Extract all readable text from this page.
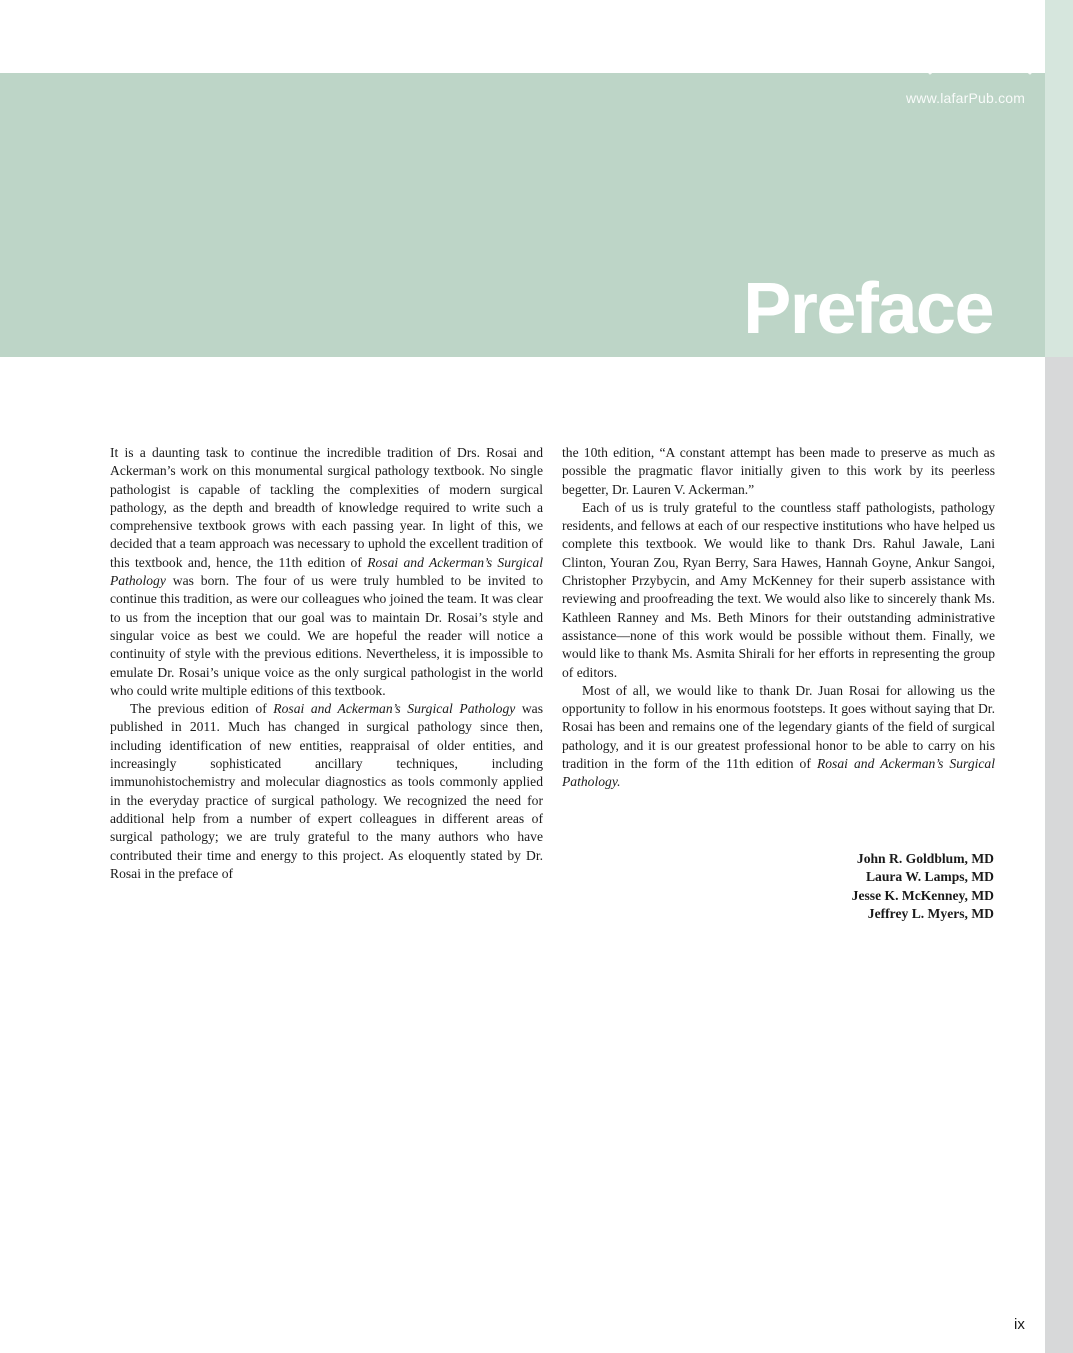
Preface
www.lafarPub.com

It is a daunting task to continue the incredible tradition of Drs. Rosai and Ackerman’s work on this monumental surgical pathology textbook. No single pathologist is capable of tackling the complexities of modern surgical pathology, as the depth and breadth of knowledge required to write such a comprehensive textbook grows with each passing year. In light of this, we decided that a team approach was necessary to uphold the excellent tradition of this textbook and, hence, the 11th edition of Rosai and Ackerman’s Surgical Pathology was born. The four of us were truly humbled to be invited to continue this tradition, as were our colleagues who joined the team. It was clear to us from the inception that our goal was to maintain Dr. Rosai’s style and singular voice as best we could. We are hopeful the reader will notice a continuity of style with the previous editions. Nevertheless, it is impossible to emulate Dr. Rosai’s unique voice as the only surgical pathologist in the world who could write multiple editions of this textbook.

The previous edition of Rosai and Ackerman’s Surgical Pathology was published in 2011. Much has changed in surgical pathology since then, including identification of new entities, reappraisal of older entities, and increasingly sophisticated ancillary techniques, including immunohistochemistry and molecular diagnostics as tools commonly applied in the everyday practice of surgical pathology. We recognized the need for additional help from a number of expert colleagues in different areas of surgical pathology; we are truly grateful to the many authors who have contributed their time and energy to this project. As eloquently stated by Dr. Rosai in the preface of

the 10th edition, “A constant attempt has been made to preserve as much as possible the pragmatic flavor initially given to this work by its peerless begetter, Dr. Lauren V. Ackerman.”

Each of us is truly grateful to the countless staff pathologists, pathology residents, and fellows at each of our respective institutions who have helped us complete this textbook. We would like to thank Drs. Rahul Jawale, Lani Clinton, Youran Zou, Ryan Berry, Sara Hawes, Hannah Goyne, Ankur Sangoi, Christopher Przybycin, and Amy McKenney for their superb assistance with reviewing and proofreading the text. We would also like to sincerely thank Ms. Kathleen Ranney and Ms. Beth Minors for their outstanding administrative assistance—none of this work would be possible without them. Finally, we would like to thank Ms. Asmita Shirali for her efforts in representing the group of editors.

Most of all, we would like to thank Dr. Juan Rosai for allowing us the opportunity to follow in his enormous footsteps. It goes without saying that Dr. Rosai has been and remains one of the legendary giants of the field of surgical pathology, and it is our greatest professional honor to be able to carry on his tradition in the form of the 11th edition of Rosai and Ackerman’s Surgical Pathology.

John R. Goldblum, MD
Laura W. Lamps, MD
Jesse K. McKenney, MD
Jeffrey L. Myers, MD
ix
